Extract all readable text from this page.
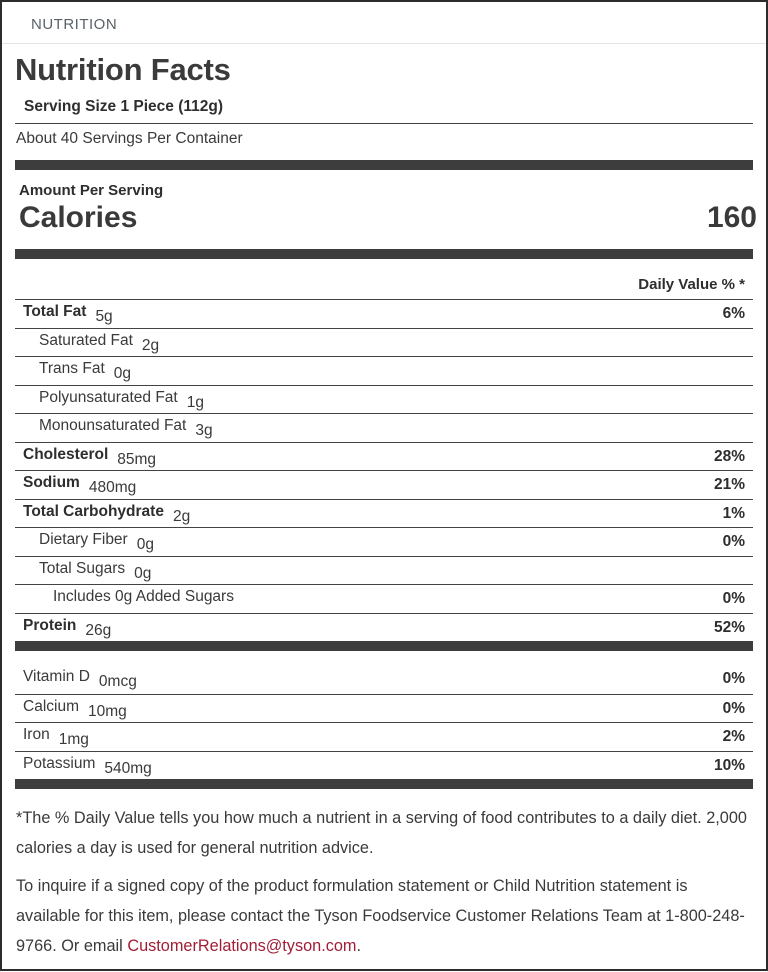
NUTRITION
Nutrition Facts
Serving Size 1 Piece (112g)
About 40 Servings Per Container
Amount Per Serving
Calories	160
Daily Value % *
Total Fat 5g	6%
Saturated Fat 2g
Trans Fat 0g
Polyunsaturated Fat 1g
Monounsaturated Fat 3g
Cholesterol 85mg	28%
Sodium 480mg	21%
Total Carbohydrate 2g	1%
Dietary Fiber 0g	0%
Total Sugars 0g
Includes 0g Added Sugars	0%
Protein 26g	52%
Vitamin D 0mcg	0%
Calcium 10mg	0%
Iron 1mg	2%
Potassium 540mg	10%

*The % Daily Value tells you how much a nutrient in a serving of food contributes to a daily diet. 2,000 calories a day is used for general nutrition advice.

To inquire if a signed copy of the product formulation statement or Child Nutrition statement is available for this item, please contact the Tyson Foodservice Customer Relations Team at 1-800-248-9766. Or email CustomerRelations@tyson.com.
